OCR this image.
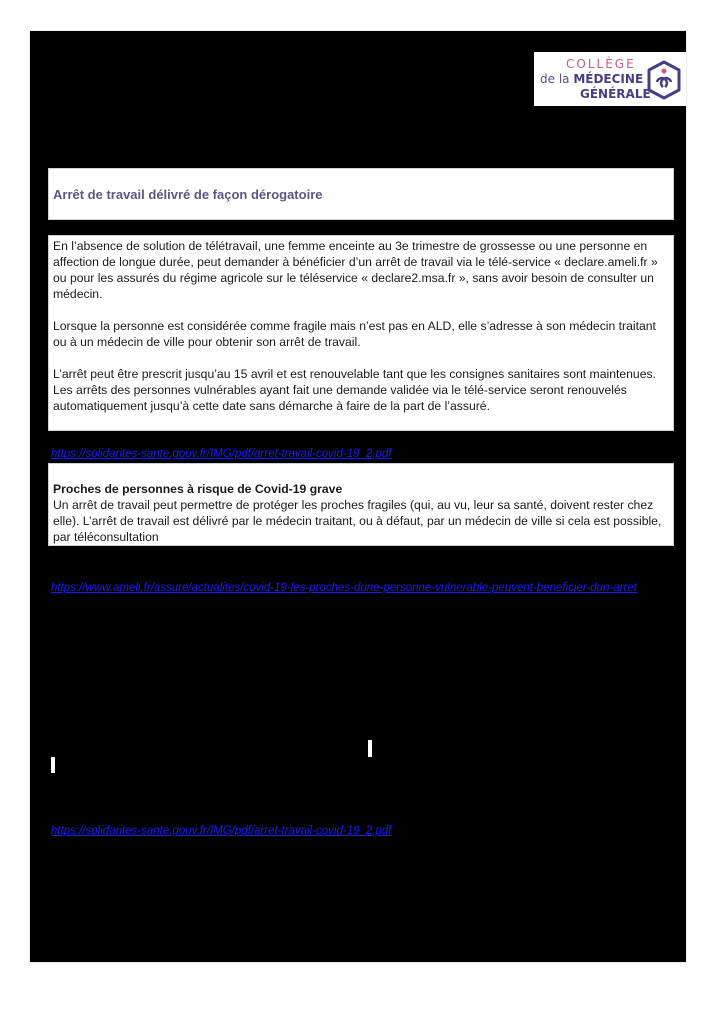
COLLÈGE
de la MÉDECINE
GÉNÉRALE
Arrêt de travail délivré de façon dérogatoire

En l’absence de solution de télétravail, une femme enceinte au 3e trimestre de grossesse ou une personne en affection de longue durée, peut demander à bénéficier d’un arrêt de travail via le télé-service « declare.ameli.fr » ou pour les assurés du régime agricole sur le téléservice « declare2.msa.fr », sans avoir besoin de consulter un médecin.

Lorsque la personne est considérée comme fragile mais n’est pas en ALD, elle s’adresse à son médecin traitant ou à un médecin de ville pour obtenir son arrêt de travail.

L’arrêt peut être prescrit jusqu’au 15 avril et est renouvelable tant que les consignes sanitaires sont maintenues. Les arrêts des personnes vulnérables ayant fait une demande validée via le télé-service seront renouvelés automatiquement jusqu’à cette date sans démarche à faire de la part de l’assuré.

Proches de personnes à risque de Covid-19 grave
Un arrêt de travail peut permettre de protéger les proches fragiles (qui, au vu, leur sa santé, doivent rester chez elle). L’arrêt de travail est délivré par le médecin traitant, ou à défaut, par un médecin de ville si cela est possible, par téléconsultation
https://solidarites-sante.gouv.fr/IMG/pdf/arret-travail-covid-19_2.pdf
https://www.ameli.fr/assure/actualites/covid-19-les-proches-dune-personne-vulnerable-peuvent-beneficier-dun-arret
https://solidarites-sante.gouv.fr/IMG/pdf/arret-travail-covid-19_2.pdf
